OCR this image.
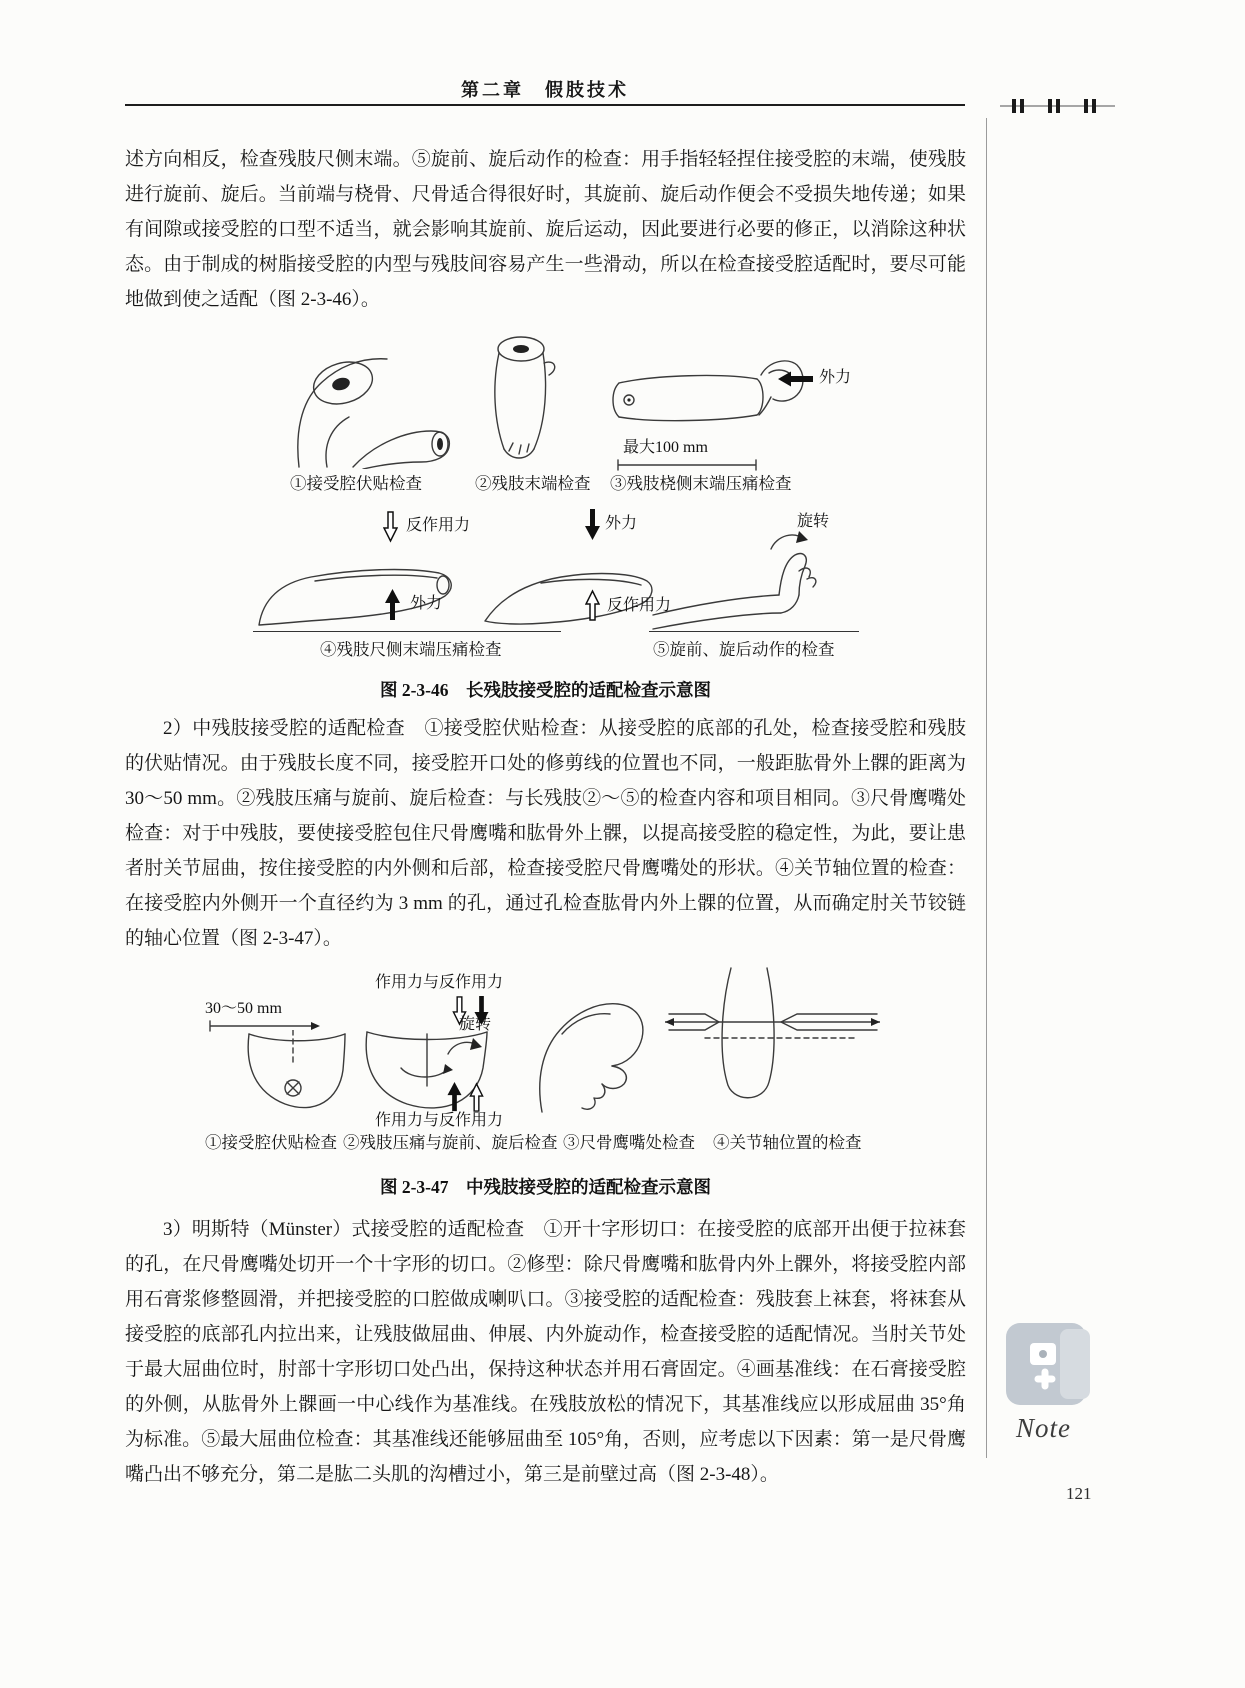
第二章　假肢技术

述方向相反，检查残肢尺侧末端。⑤旋前、旋后动作的检查：用手指轻轻捏住接受腔的末端，使残肢进行旋前、旋后。当前端与桡骨、尺骨适合得很好时，其旋前、旋后动作便会不受损失地传递；如果有间隙或接受腔的口型不适当，就会影响其旋前、旋后运动，因此要进行必要的修正，以消除这种状态。由于制成的树脂接受腔的内型与残肢间容易产生一些滑动，所以在检查接受腔适配时，要尽可能地做到使之适配（图 2-3-46）。

外力
最大100 mm
①接受腔伏贴检查	②残肢末端检查 ③残肢桡侧末端压痛检查
反作用力
外力
外力
反作用力
旋转
④残肢尺侧末端压痛检查	⑤旋前、旋后动作的检查
图 2-3-46　长残肢接受腔的适配检查示意图

2）中残肢接受腔的适配检查　①接受腔伏贴检查：从接受腔的底部的孔处，检查接受腔和残肢的伏贴情况。由于残肢长度不同，接受腔开口处的修剪线的位置也不同，一般距肱骨外上髁的距离为 30～50 mm。②残肢压痛与旋前、旋后检查：与长残肢②～⑤的检查内容和项目相同。③尺骨鹰嘴处检查：对于中残肢，要使接受腔包住尺骨鹰嘴和肱骨外上髁，以提高接受腔的稳定性，为此，要让患者肘关节屈曲，按住接受腔的内外侧和后部，检查接受腔尺骨鹰嘴处的形状。④关节轴位置的检查：在接受腔内外侧开一个直径约为 3 mm 的孔，通过孔检查肱骨内外上髁的位置，从而确定肘关节铰链的轴心位置（图 2-3-47）。

作用力与反作用力
30～50 mm
旋转
作用力与反作用力
①接受腔伏贴检查 ②残肢压痛与旋前、旋后检查 ③尺骨鹰嘴处检查 ④关节轴位置的检查
图 2-3-47　中残肢接受腔的适配检查示意图

3）明斯特（Münster）式接受腔的适配检查　①开十字形切口：在接受腔的底部开出便于拉袜套的孔，在尺骨鹰嘴处切开一个十字形的切口。②修型：除尺骨鹰嘴和肱骨内外上髁外，将接受腔内部用石膏浆修整圆滑，并把接受腔的口腔做成喇叭口。③接受腔的适配检查：残肢套上袜套，将袜套从接受腔的底部孔内拉出来，让残肢做屈曲、伸展、内外旋动作，检查接受腔的适配情况。当肘关节处于最大屈曲位时，肘部十字形切口处凸出，保持这种状态并用石膏固定。④画基准线：在石膏接受腔的外侧，从肱骨外上髁画一中心线作为基准线。在残肢放松的情况下，其基准线应以形成屈曲 35°角为标准。⑤最大屈曲位检查：其基准线还能够屈曲至 105°角，否则，应考虑以下因素：第一是尺骨鹰嘴凸出不够充分，第二是肱二头肌的沟槽过小，第三是前壁过高（图 2-3-48）。

Note
121
